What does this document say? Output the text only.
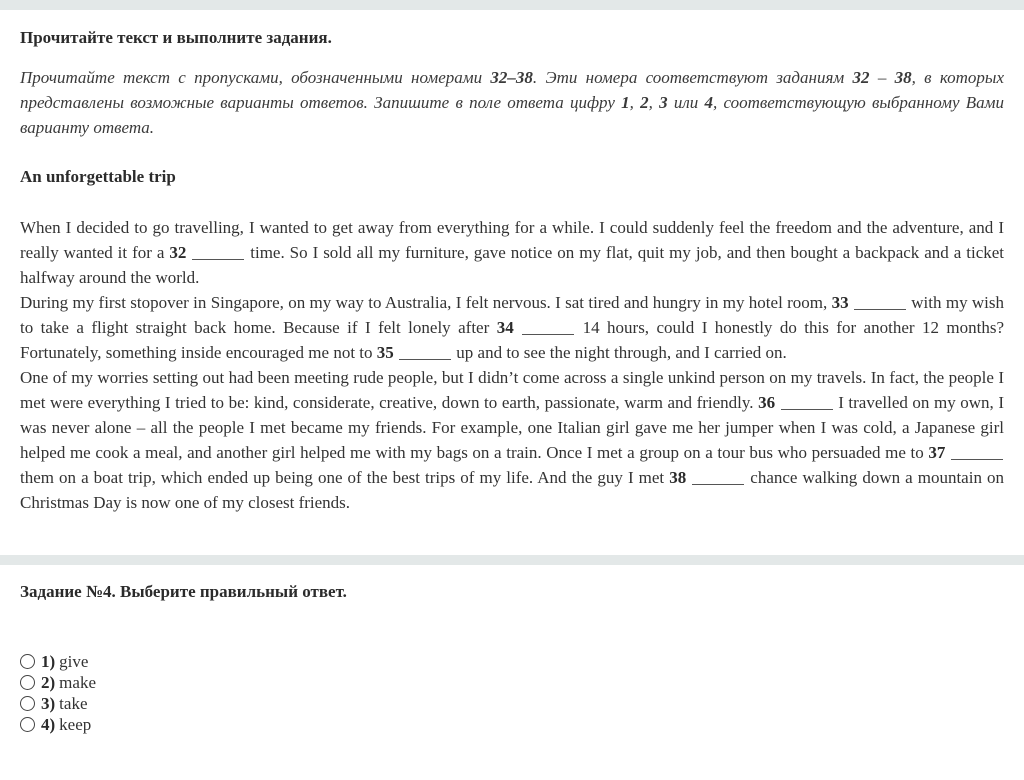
Прочитайте текст и выполните задания.
Прочитайте текст с пропусками, обозначенными номерами 32–38. Эти номера соответствуют заданиям 32 – 38, в которых представлены возможные варианты ответов. Запишите в поле ответа цифру 1, 2, 3 или 4, соответствующую выбранному Вами варианту ответа.
An unforgettable trip

When I decided to go travelling, I wanted to get away from everything for a while. I could suddenly feel the freedom and the adventure, and I really wanted it for a 32	time. So I sold all my furniture, gave notice on my flat, quit my job, and then bought a backpack and a ticket halfway around the world.

During my first stopover in Singapore, on my way to Australia, I felt nervous. I sat tired and hungry in my hotel room, 33	with my wish to take a flight straight back home. Because if I felt lonely after 34	14 hours, could I honestly do this for another 12 months? Fortunately, something inside encouraged me not to 35	up and to see the night through, and I carried on.

One of my worries setting out had been meeting rude people, but I didn’t come across a single unkind person on my travels. In fact, the people I met were everything I tried to be: kind, considerate, creative, down to earth, passionate, warm and friendly. 36	I travelled on my own, I was never alone – all the people I met became my friends. For example, one Italian girl gave me her jumper when I was cold, a Japanese girl helped me cook a meal, and another girl helped me with my bags on a train. Once I met a group on a tour bus who persuaded me to 37  them on a boat trip, which ended up being one of the best trips of my life. And the guy I met 38	chance walking down a mountain on Christmas Day is now one of my closest friends.

Задание №4. Выберите правильный ответ.
1) give
2) make
3) take
4) keep
